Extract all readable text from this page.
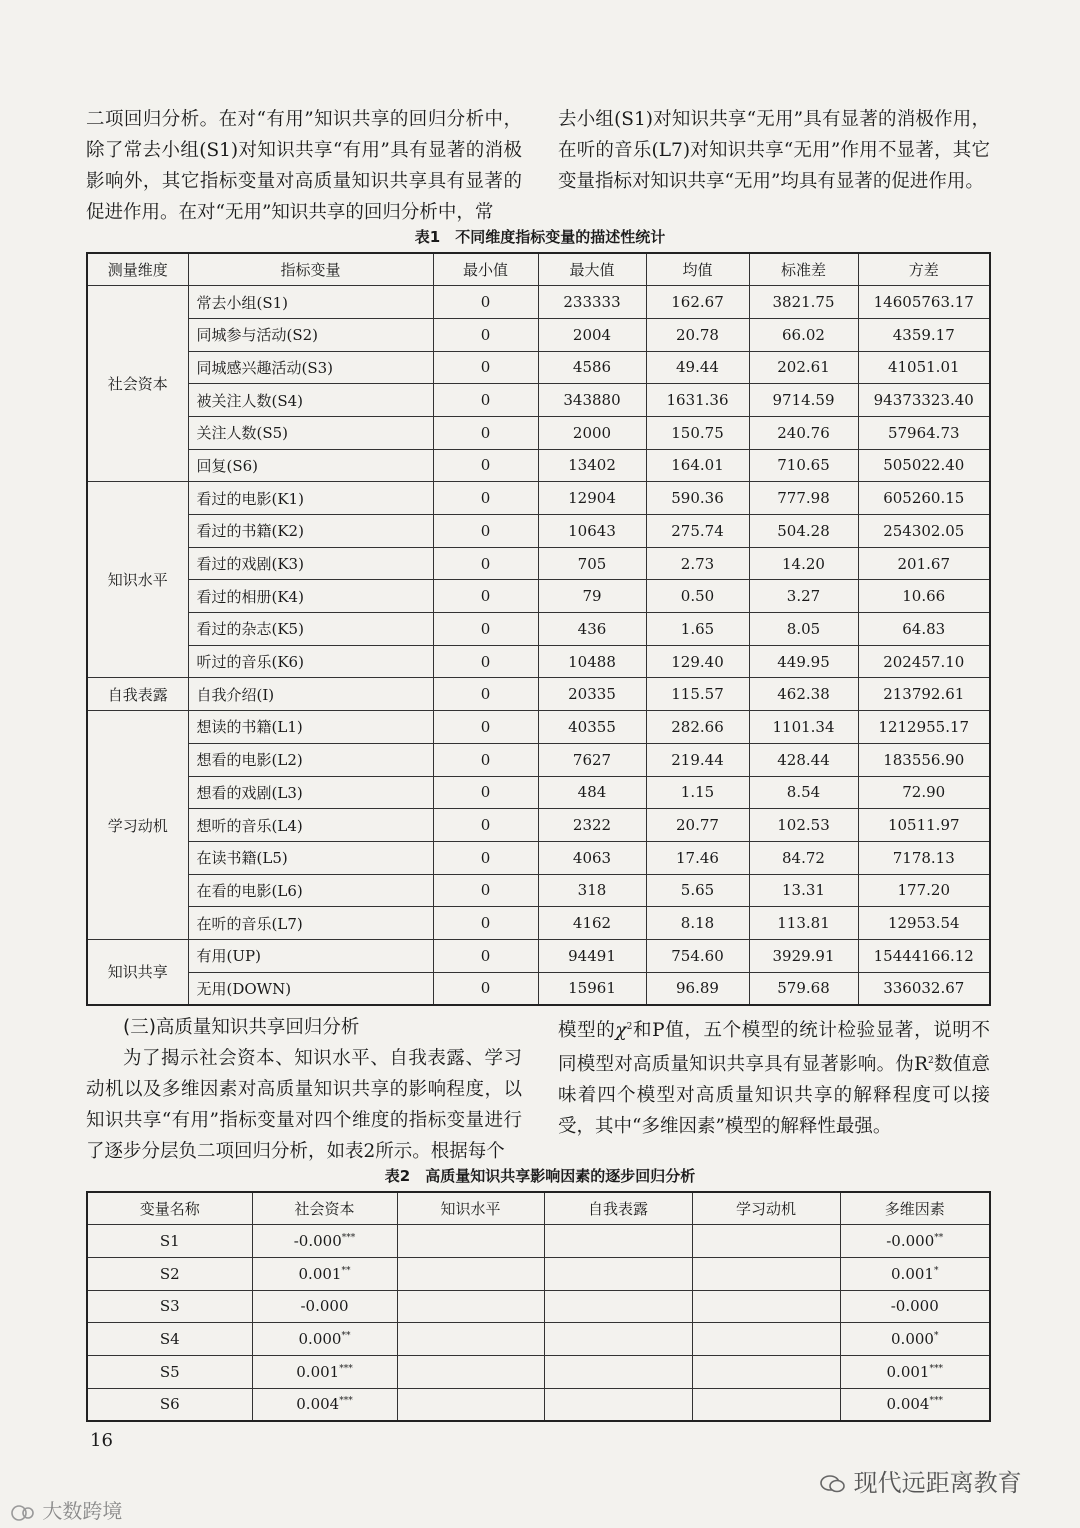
二项回归分析。在对“有用”知识共享的回归分析中，除了常去小组(S1)对知识共享“有用”具有显著的消极影响外，其它指标变量对高质量知识共享具有显著的促进作用。在对“无用”知识共享的回归分析中，常

去小组(S1)对知识共享“无用”具有显著的消极作用，在听的音乐(L7)对知识共享“无用”作用不显著，其它变量指标对知识共享“无用”均具有显著的促进作用。

表1　不同维度指标变量的描述性统计
测量维度	指标变量	最小值	最大值	均值	标准差	方差
社会资本	常去小组(S1)	0	233333	162.67	3821.75	14605763.17
	同城参与活动(S2)	0	2004	20.78	66.02	4359.17
	同城感兴趣活动(S3)	0	4586	49.44	202.61	41051.01
	被关注人数(S4)	0	343880	1631.36	9714.59	94373323.40
	关注人数(S5)	0	2000	150.75	240.76	57964.73
	回复(S6)	0	13402	164.01	710.65	505022.40
知识水平	看过的电影(K1)	0	12904	590.36	777.98	605260.15
	看过的书籍(K2)	0	10643	275.74	504.28	254302.05
	看过的戏剧(K3)	0	705	2.73	14.20	201.67
	看过的相册(K4)	0	79	0.50	3.27	10.66
	看过的杂志(K5)	0	436	1.65	8.05	64.83
	听过的音乐(K6)	0	10488	129.40	449.95	202457.10
自我表露	自我介绍(I)	0	20335	115.57	462.38	213792.61
学习动机	想读的书籍(L1)	0	40355	282.66	1101.34	1212955.17
	想看的电影(L2)	0	7627	219.44	428.44	183556.90
	想看的戏剧(L3)	0	484	1.15	8.54	72.90
	想听的音乐(L4)	0	2322	20.77	102.53	10511.97
	在读书籍(L5)	0	4063	17.46	84.72	7178.13
	在看的电影(L6)	0	318	5.65	13.31	177.20
	在听的音乐(L7)	0	4162	8.18	113.81	12953.54
知识共享	有用(UP)	0	94491	754.60	3929.91	15444166.12
	无用(DOWN)	0	15961	96.89	579.68	336032.67

(三)高质量知识共享回归分析

为了揭示社会资本、知识水平、自我表露、学习动机以及多维因素对高质量知识共享的影响程度，以知识共享“有用”指标变量对四个维度的指标变量进行了逐步分层负二项回归分析，如表2所示。根据每个

模型的$\chi^2$和P值，五个模型的统计检验显著，说明不同模型对高质量知识共享具有显著影响。伪$R^2$数值意味着四个模型对高质量知识共享的解释程度可以接受，其中“多维因素”模型的解释性最强。

表2　高质量知识共享影响因素的逐步回归分析
变量名称	社会资本	知识水平	自我表露	学习动机	多维因素
S1	-0.000***				-0.000**
S2	0.001**				0.001*
S3	-0.000				-0.000
S4	0.000**				0.000*
S5	0.001***				0.001***
S6	0.004***				0.004***
16
现代远距离教育
大数跨境
